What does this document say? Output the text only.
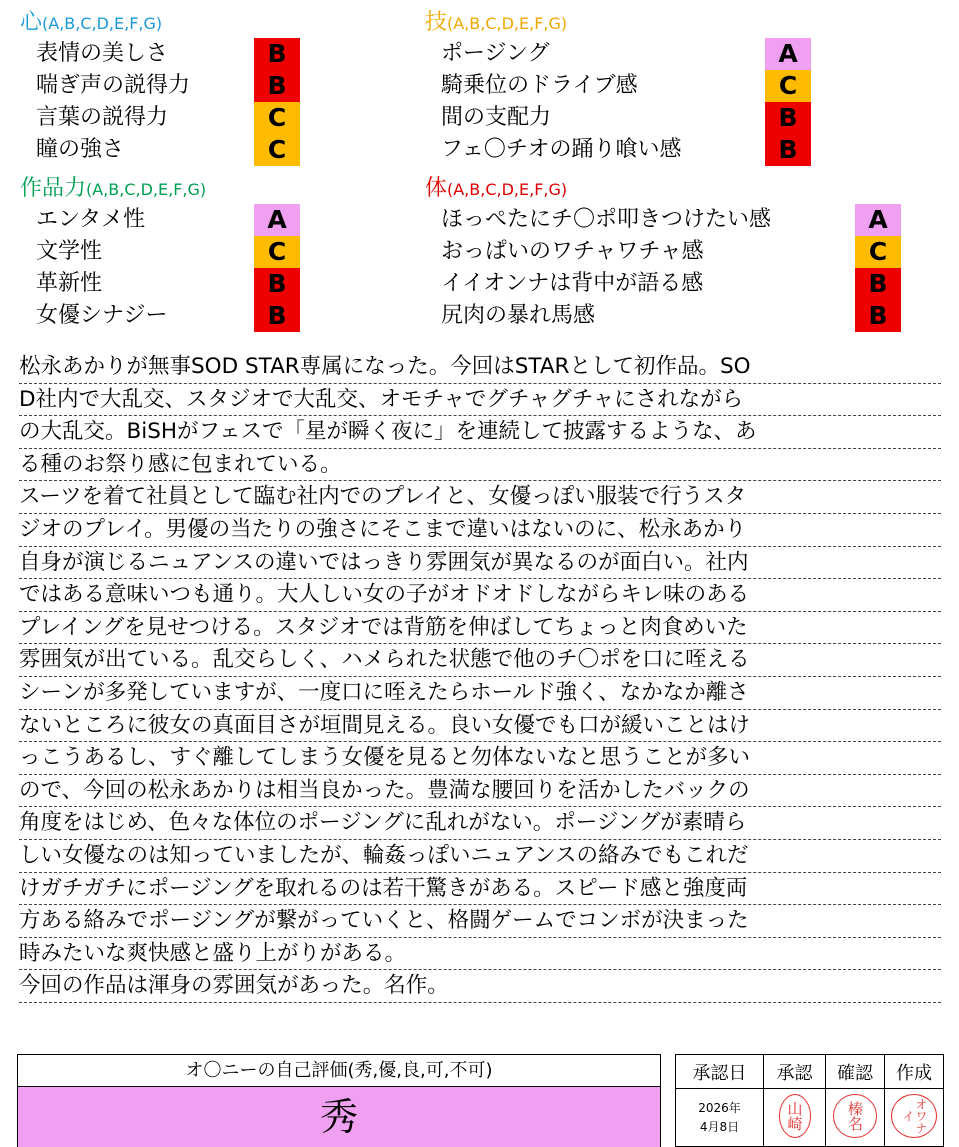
心(A,B,C,D,E,F,G)
表情の美しさ	B
喘ぎ声の説得力	B
言葉の説得力	C
瞳の強さ	C
技(A,B,C,D,E,F,G)
ポージング	A
騎乗位のドライブ感	C
間の支配力	B
フェ〇チオの踊り喰い感	B
作品力(A,B,C,D,E,F,G)
エンタメ性	A
文学性	C
革新性	B
女優シナジー	B
体(A,B,C,D,E,F,G)
ほっぺたにチ〇ポ叩きつけたい感	A
おっぱいのワチャワチャ感	C
イイオンナは背中が語る感	B
尻肉の暴れ馬感	B
松永あかりが無事SOD STAR専属になった。今回はSTARとして初作品。SO
D社内で大乱交、スタジオで大乱交、オモチャでグチャグチャにされながら
の大乱交。BiSHがフェスで「星が瞬く夜に」を連続して披露するような、あ
る種のお祭り感に包まれている。
スーツを着て社員として臨む社内でのプレイと、女優っぽい服装で行うスタ
ジオのプレイ。男優の当たりの強さにそこまで違いはないのに、松永あかり
自身が演じるニュアンスの違いではっきり雰囲気が異なるのが面白い。社内
ではある意味いつも通り。大人しい女の子がオドオドしながらキレ味のある
プレイングを見せつける。スタジオでは背筋を伸ばしてちょっと肉食めいた
雰囲気が出ている。乱交らしく、ハメられた状態で他のチ〇ポを口に咥える
シーンが多発していますが、一度口に咥えたらホールド強く、なかなか離さ
ないところに彼女の真面目さが垣間見える。良い女優でも口が緩いことはけ
っこうあるし、すぐ離してしまう女優を見ると勿体ないなと思うことが多い
ので、今回の松永あかりは相当良かった。豊満な腰回りを活かしたバックの
角度をはじめ、色々な体位のポージングに乱れがない。ポージングが素晴ら
しい女優なのは知っていましたが、輪姦っぽいニュアンスの絡みでもこれだ
けガチガチにポージングを取れるのは若干驚きがある。スピード感と強度両
方ある絡みでポージングが繋がっていくと、格闘ゲームでコンボが決まった
時みたいな爽快感と盛り上がりがある。
今回の作品は渾身の雰囲気があった。名作。
オ〇ニーの自己評価(秀,優,良,可,不可)
秀
承認日	承認	確認	作成

2026年
4月8日	山崎	榛名	オワナイ
